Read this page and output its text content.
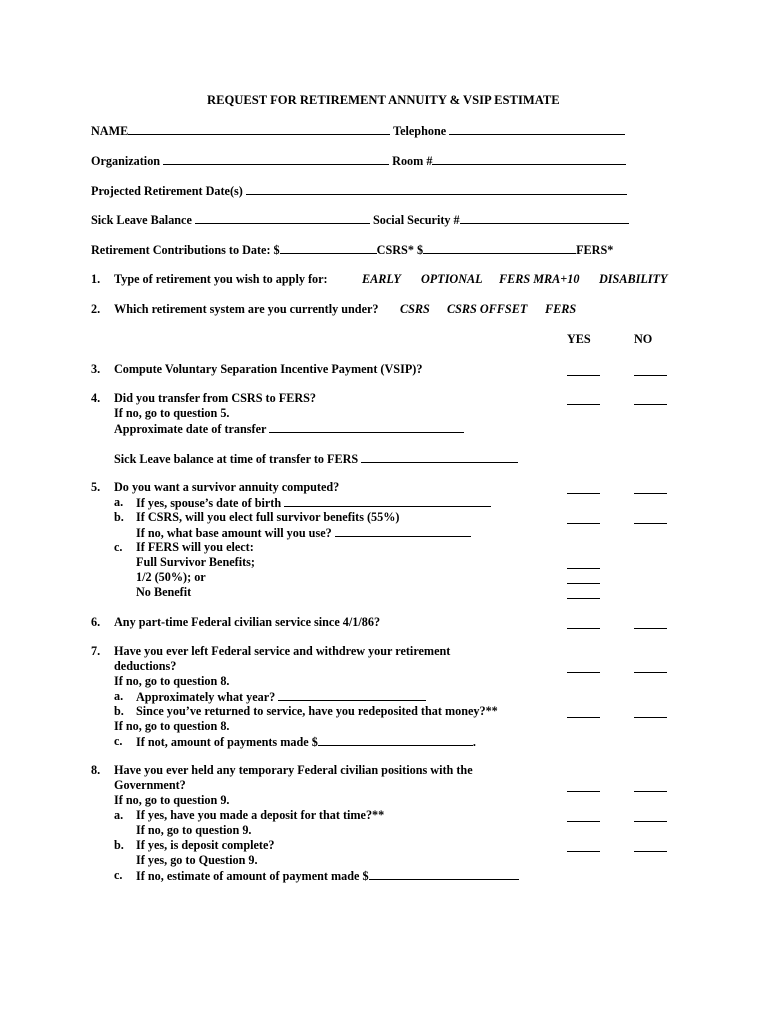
REQUEST FOR RETIREMENT ANNUITY & VSIP ESTIMATE
NAME	Telephone
Organization	Room #
Projected Retirement Date(s)
Sick Leave Balance	Social Security #
Retirement Contributions to Date: $	CSRS* $	FERS*
1. Type of retirement you wish to apply for:	EARLY OPTIONAL FERS MRA+10 DISABILITY
2. Which retirement system are you currently under? CSRS CSRS OFFSET FERS
YES	NO
3. Compute Voluntary Separation Incentive Payment (VSIP)?
4. Did you transfer from CSRS to FERS?
If no, go to question 5.
Approximate date of transfer
Sick Leave balance at time of transfer to FERS
5. Do you want a survivor annuity computed?
a. If yes, spouse’s date of birth
b. If CSRS, will you elect full survivor benefits (55%)
If no, what base amount will you use?
c. If FERS will you elect:
Full Survivor Benefits;
1/2 (50%); or
No Benefit
6. Any part-time Federal civilian service since 4/1/86?
7. Have you ever left Federal service and withdrew your retirement
deductions?
If no, go to question 8.
a. Approximately what year?
b. Since you’ve returned to service, have you redeposited that money?**
If no, go to question 8.
c. If not, amount of payments made $	.
8. Have you ever held any temporary Federal civilian positions with the
Government?
If no, go to question 9.
a. If yes, have you made a deposit for that time?**
If no, go to question 9.
b. If yes, is deposit complete?
If yes, go to Question 9.
c. If no, estimate of amount of payment made $
